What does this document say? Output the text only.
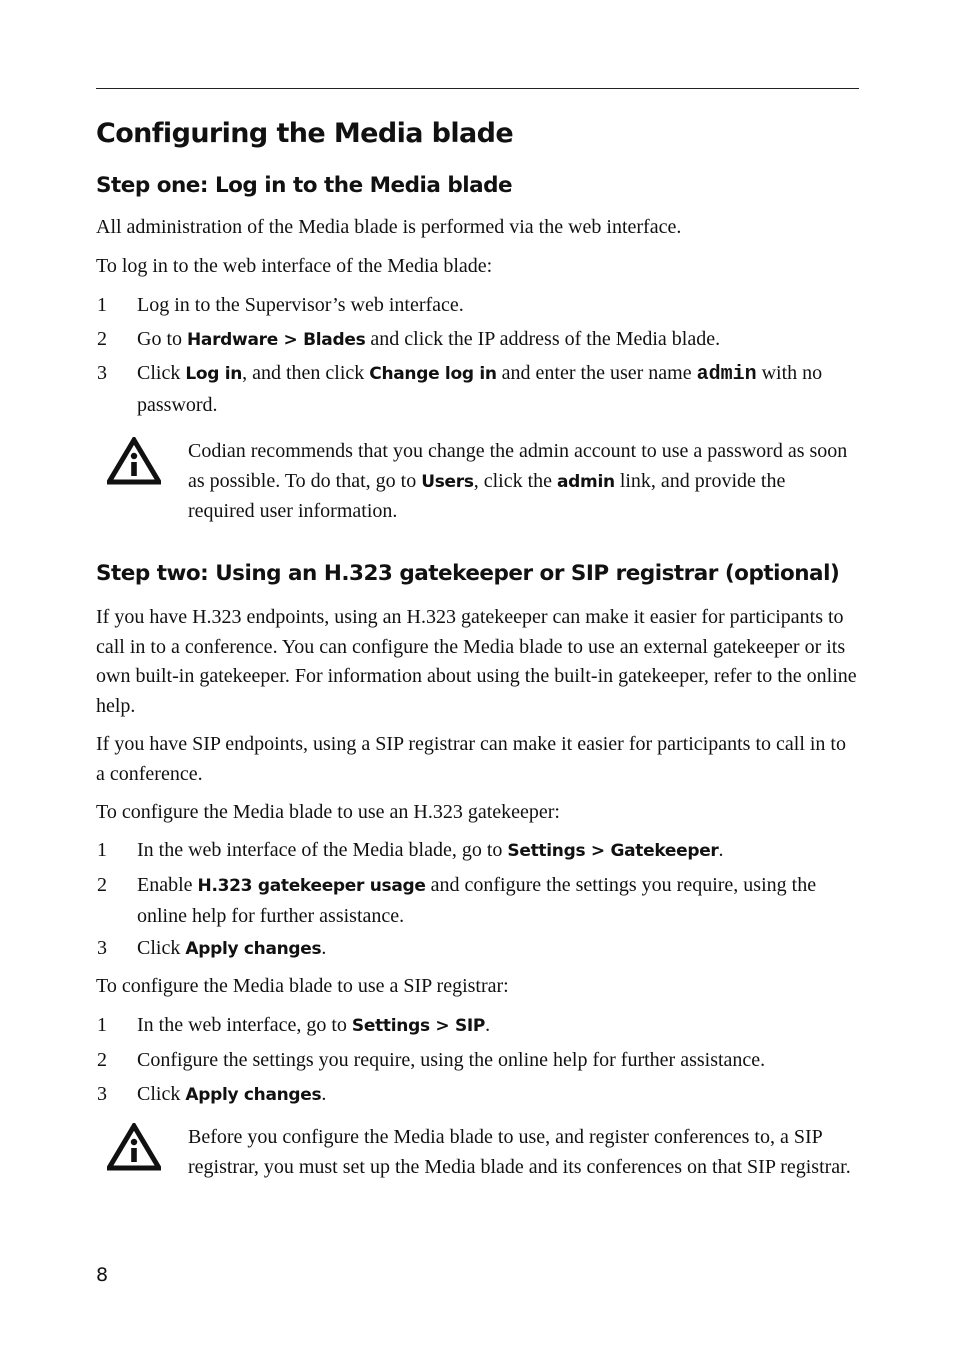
Configuring the Media blade
Step one: Log in to the Media blade

All administration of the Media blade is performed via the web interface.

To log in to the web interface of the Media blade:

1 Log in to the Supervisor’s web interface.
2 Go to Hardware > Blades and click the IP address of the Media blade.
3 Click Log in, and then click Change log in and enter the user name admin with no password.
Codian recommends that you change the admin account to use a password as soon as possible. To do that, go to Users, click the admin link, and provide the required user information.
Step two: Using an H.323 gatekeeper or SIP registrar (optional)

If you have H.323 endpoints, using an H.323 gatekeeper can make it easier for participants to call in to a conference. You can configure the Media blade to use an external gatekeeper or its own built-in gatekeeper. For information about using the built-in gatekeeper, refer to the online help.

If you have SIP endpoints, using a SIP registrar can make it easier for participants to call in to a conference.

To configure the Media blade to use an H.323 gatekeeper:

1 In the web interface of the Media blade, go to Settings > Gatekeeper.
2 Enable H.323 gatekeeper usage and configure the settings you require, using the online help for further assistance.
3 Click Apply changes.

To configure the Media blade to use a SIP registrar:

1 In the web interface, go to Settings > SIP.
2 Configure the settings you require, using the online help for further assistance.
3 Click Apply changes.
Before you configure the Media blade to use, and register conferences to, a SIP registrar, you must set up the Media blade and its conferences on that SIP registrar.
8
